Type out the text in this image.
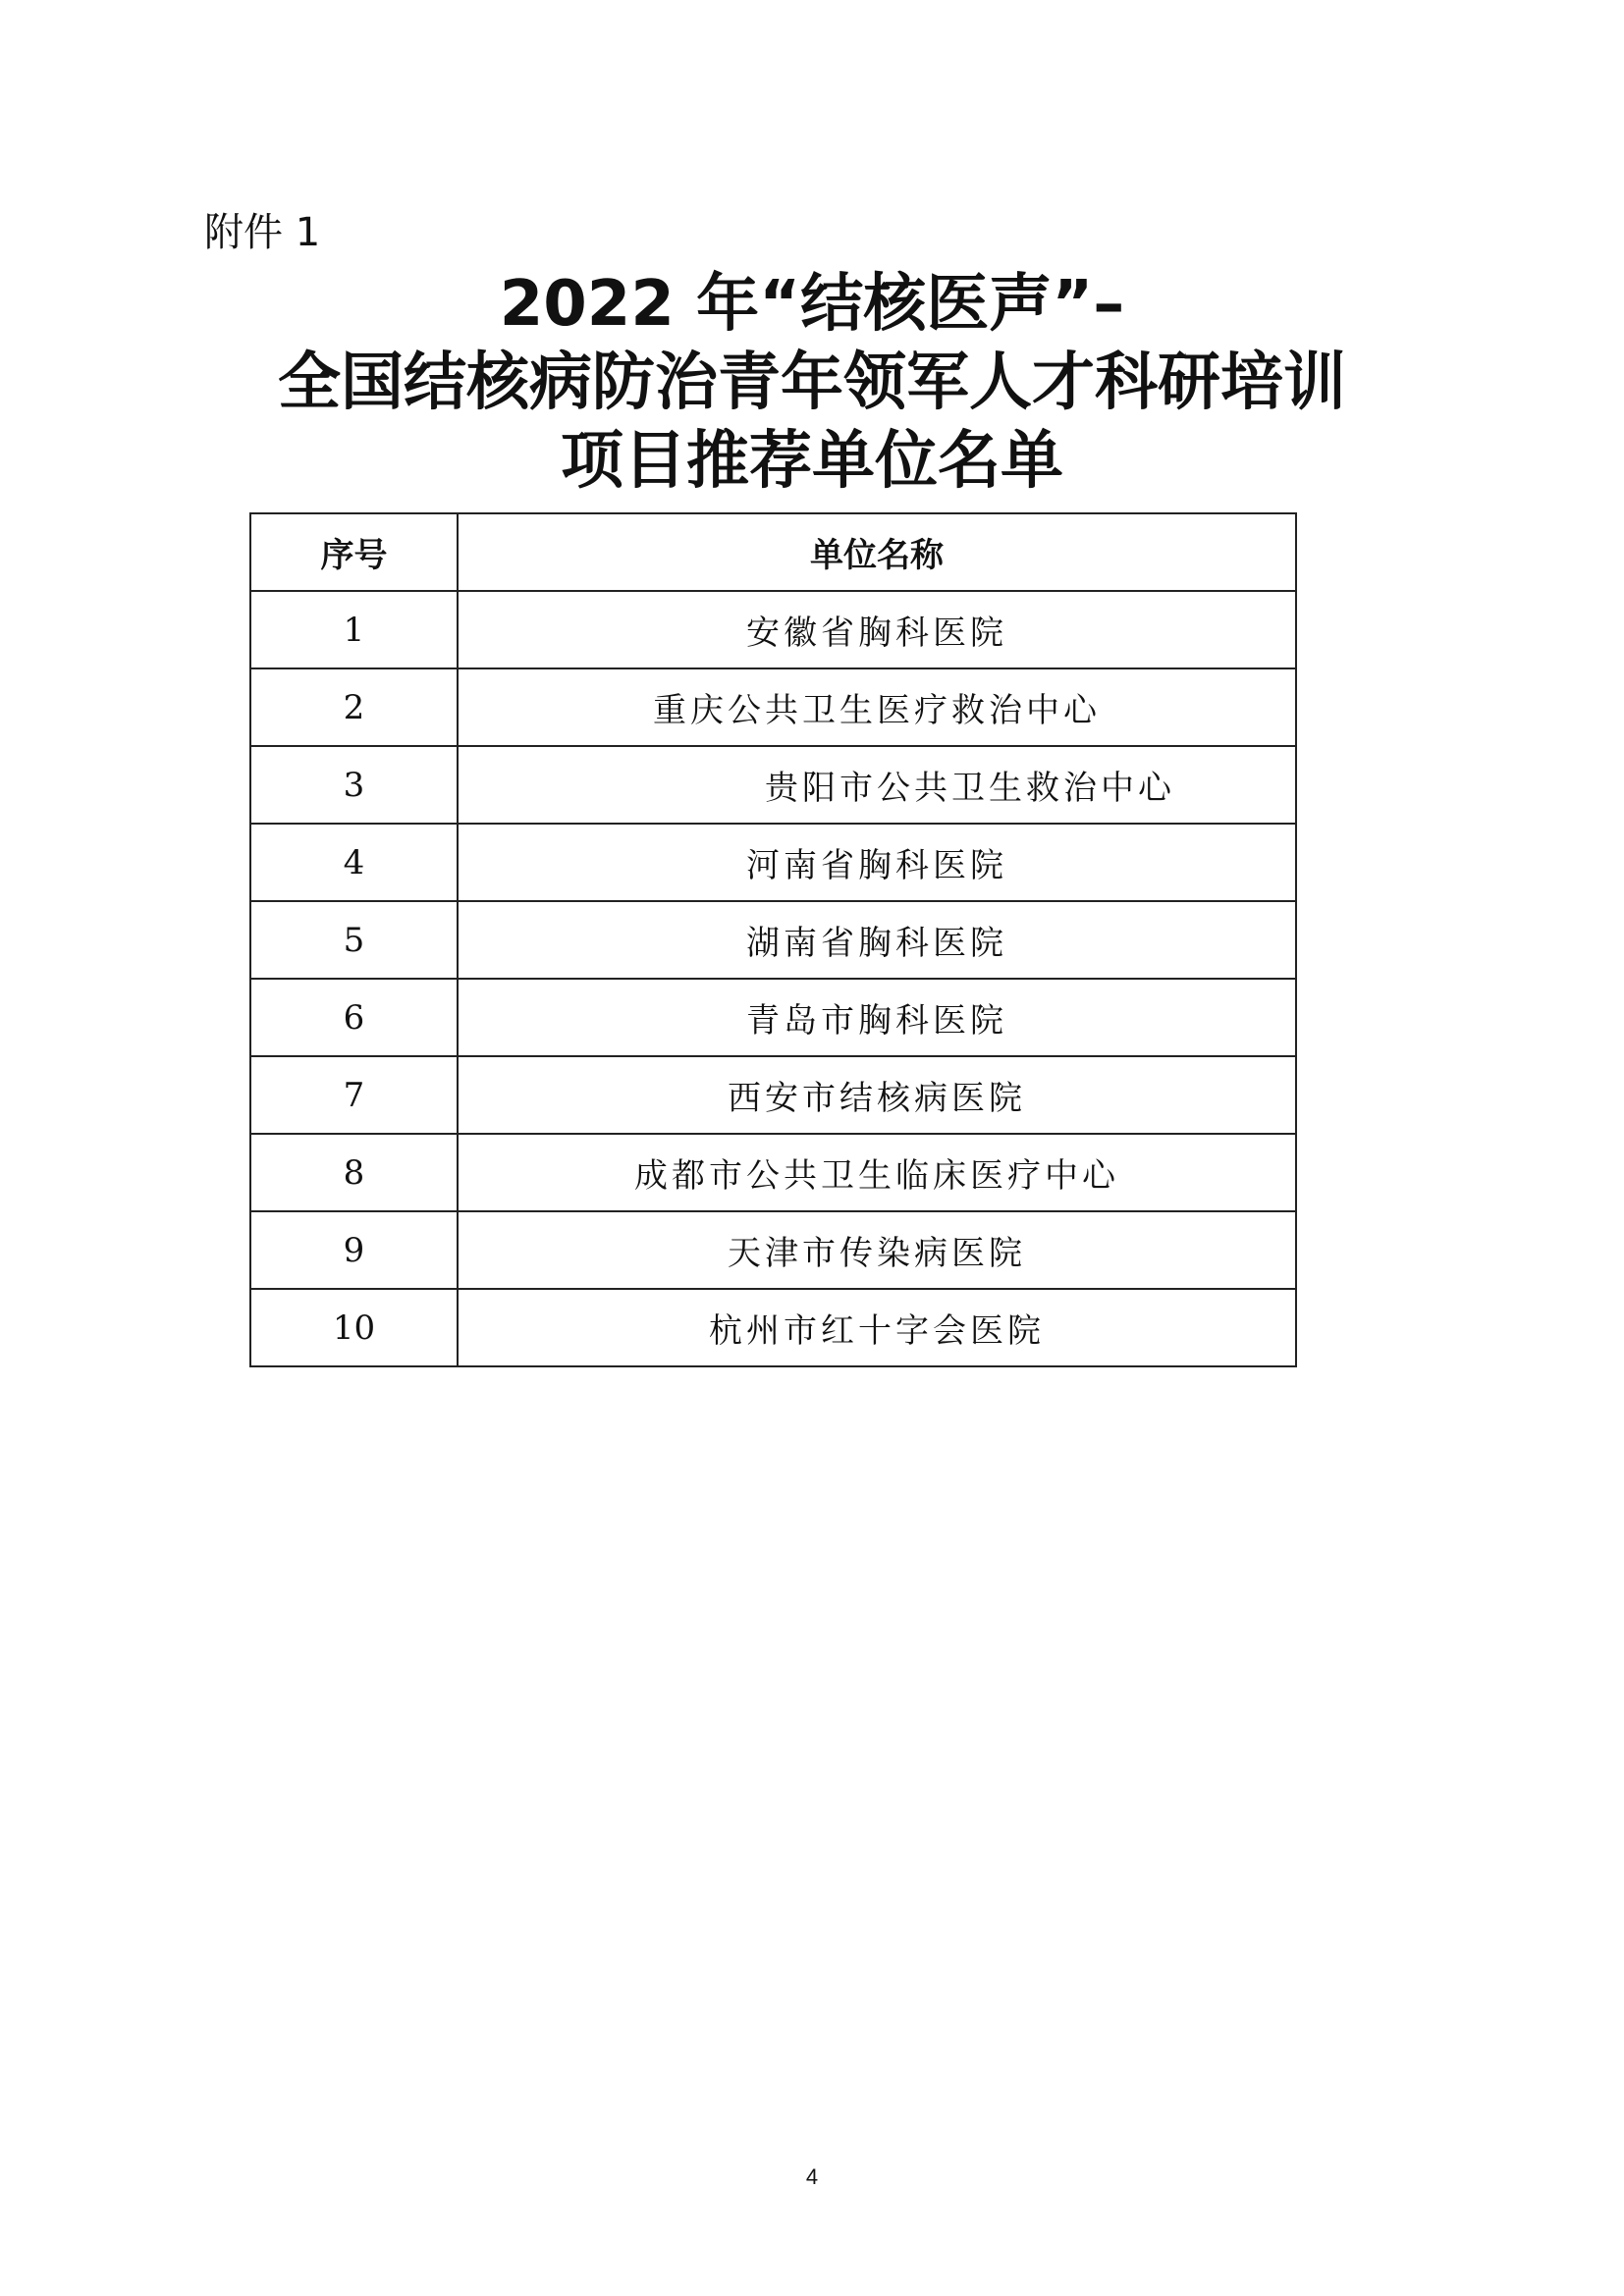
附件 1
2022 年“结核医声”–
全国结核病防治青年领军人才科研培训
项目推荐单位名单
序号	单位名称
1	安徽省胸科医院
2	重庆公共卫生医疗救治中心
3	贵阳市公共卫生救治中心
4	河南省胸科医院
5	湖南省胸科医院
6	青岛市胸科医院
7	西安市结核病医院
8	成都市公共卫生临床医疗中心
9	天津市传染病医院
10	杭州市红十字会医院
4
